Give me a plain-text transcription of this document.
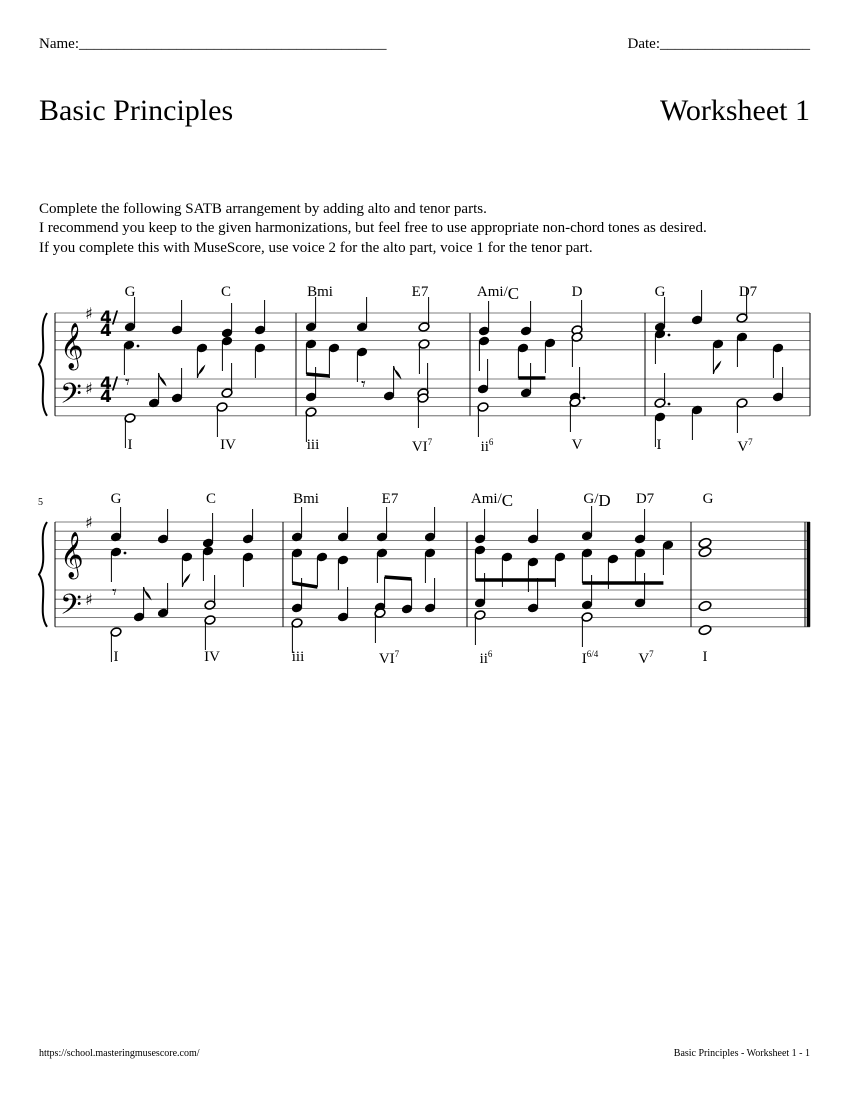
Name:_________________________________________	Date:____________________
Basic Principles	Worksheet 1
Complete the following SATB arrangement by adding alto and tenor parts.
I recommend you keep to the given harmonizations, but feel free to use appropriate non-chord tones as desired.
If you complete this with MuseScore, use voice 2 for the alto part, voice 1 for the tenor part.
𝄞
𝄢
♯
♯
𝄞
𝄢
♯
♯
𝄾	𝄾
𝄾
4/4
4/4
G	C	Bmi	E7	Ami/$_C$	D	G	D7
I	IV	iii	$VI^7$	$ii^6$	V	I	$V^7$
G	C	Bmi	E7	Ami/$_C$	$G/_D$ D7	G
I	IV	iii	$VI^7$	$ii^6$	$I^{6/4}$	$V^7$	I
5
https://school.masteringmusescore.com/	Basic Principles - Worksheet 1 - 1
